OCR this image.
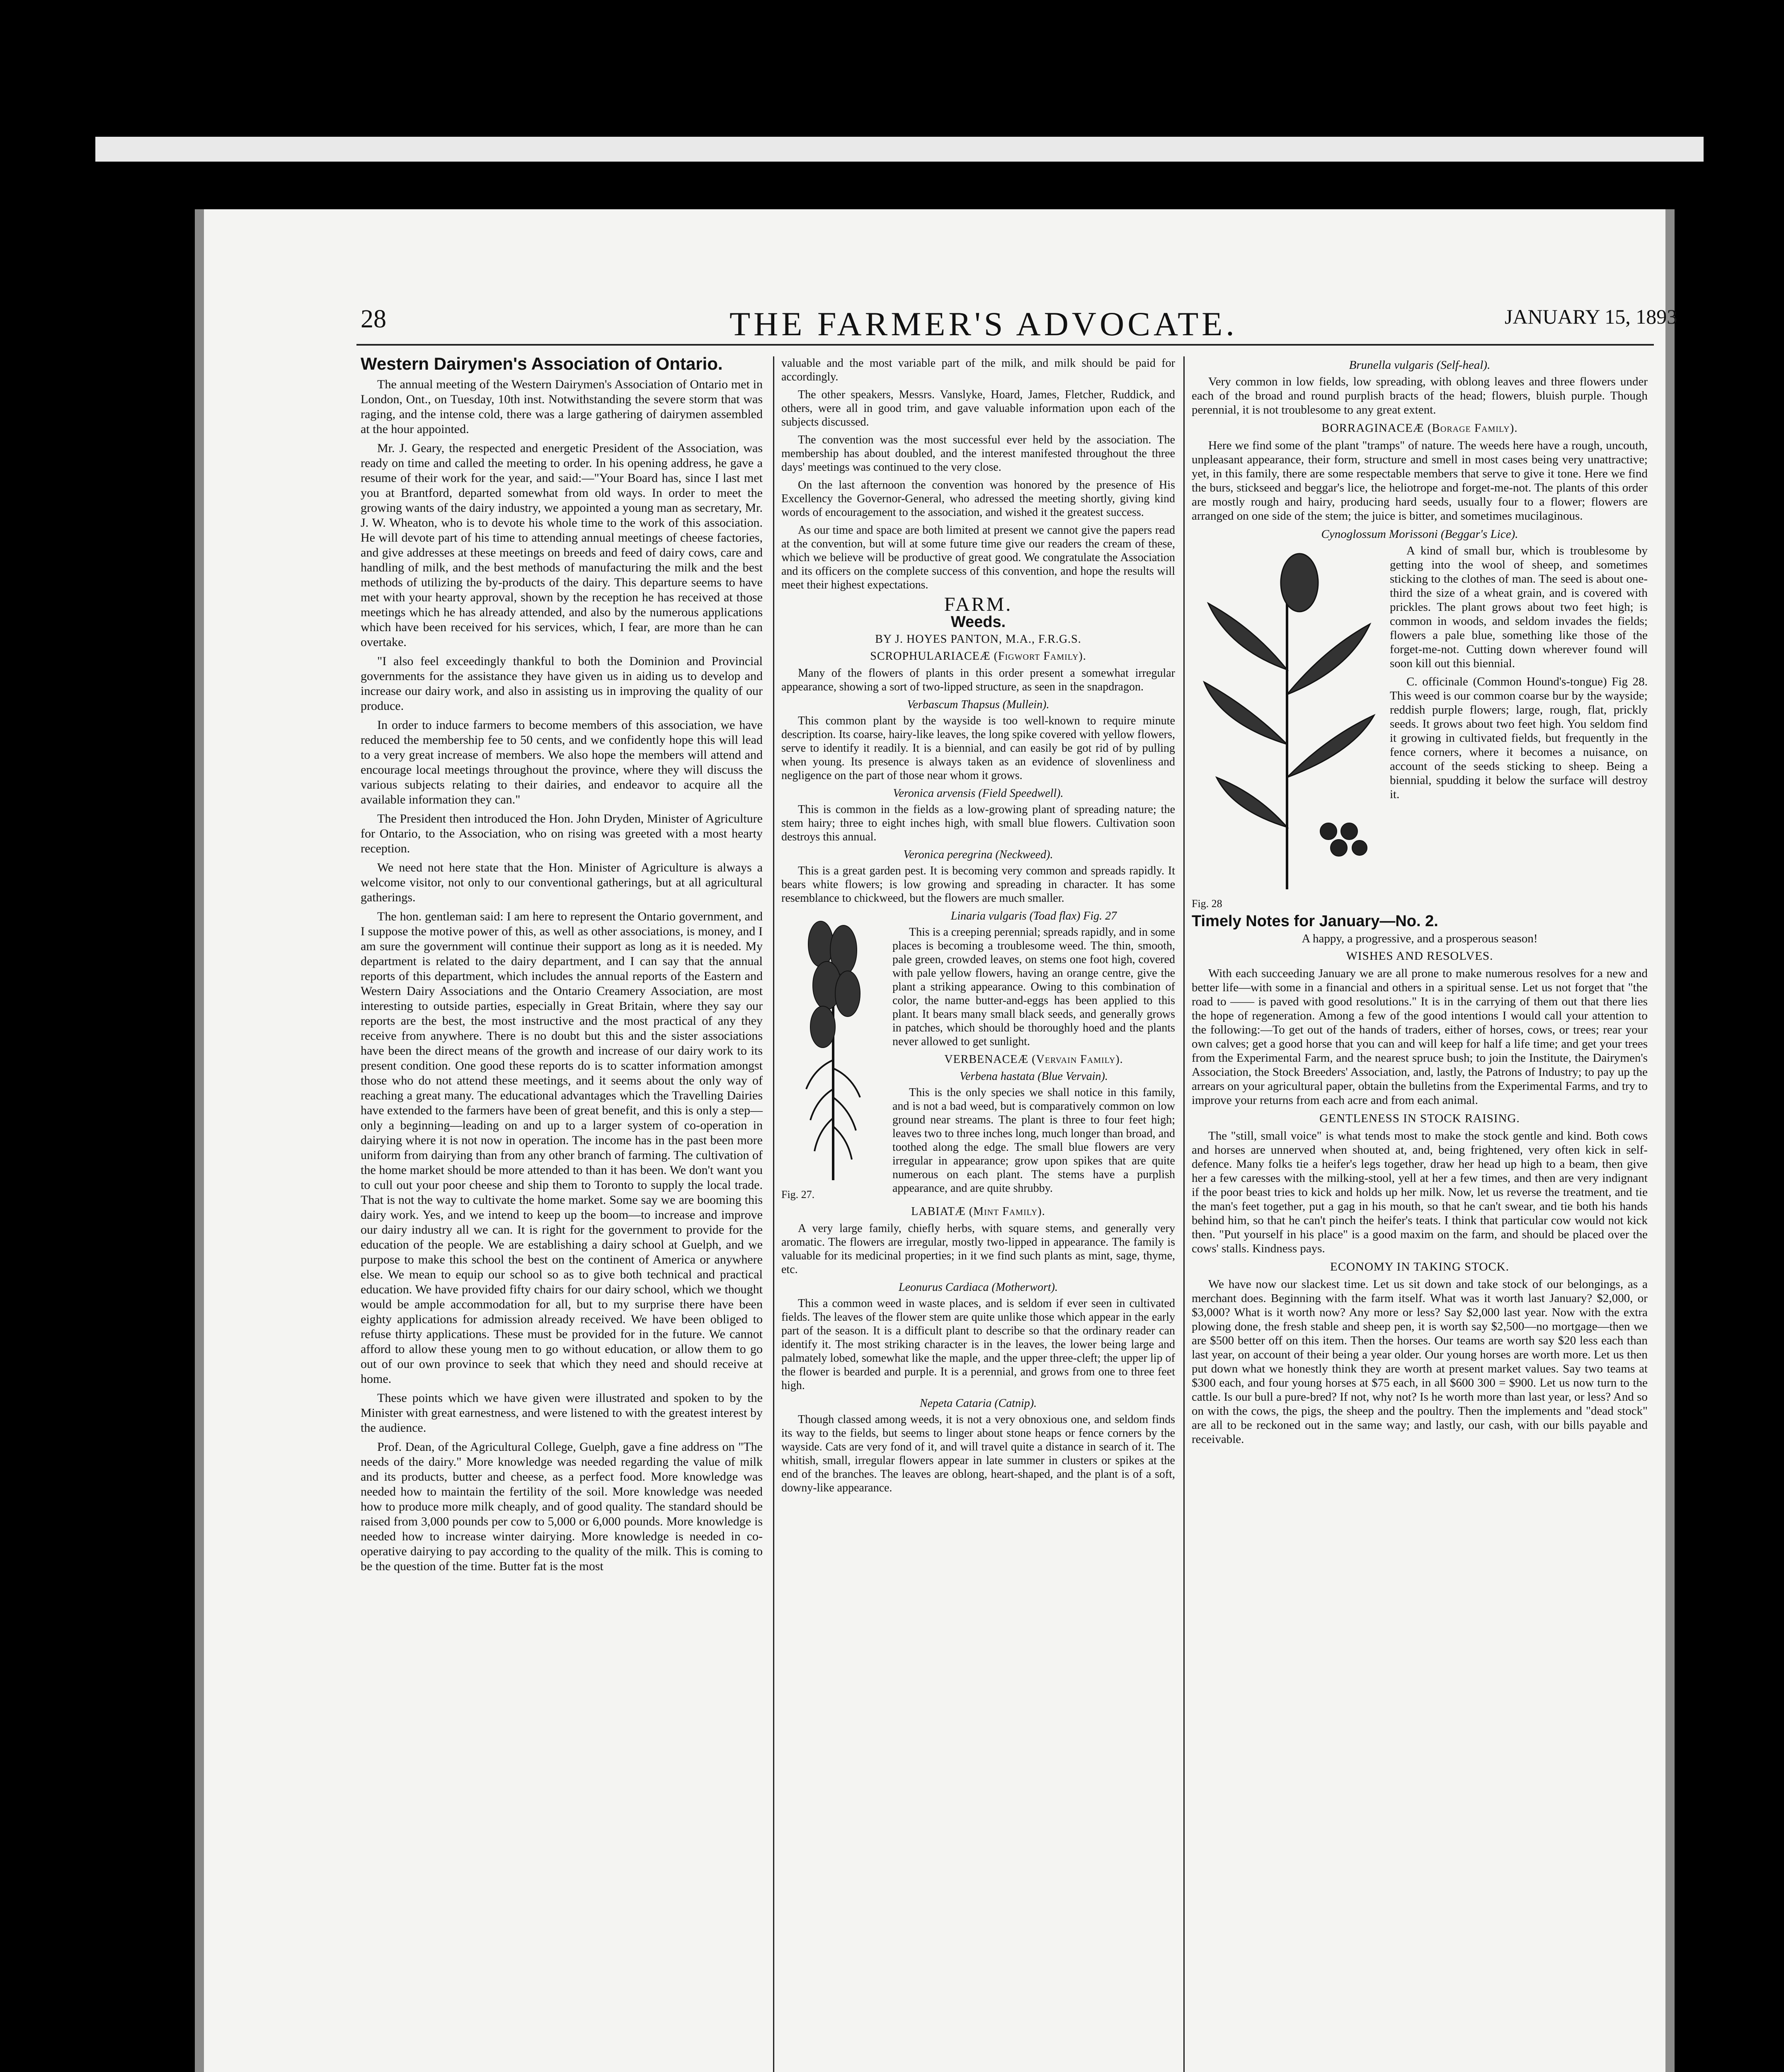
28	THE FARMER'S ADVOCATE.	JANUARY 15, 1893
Western Dairymen's Association of Ontario.

The annual meeting of the Western Dairymen's Association of Ontario met in London, Ont., on Tuesday, 10th inst. Notwithstanding the severe storm that was raging, and the intense cold, there was a large gathering of dairymen assembled at the hour appointed.

Mr. J. Geary, the respected and energetic President of the Association, was ready on time and called the meeting to order. In his opening address, he gave a resume of their work for the year, and said:—"Your Board has, since I last met you at Brantford, departed somewhat from old ways. In order to meet the growing wants of the dairy industry, we appointed a young man as secretary, Mr. J. W. Wheaton, who is to devote his whole time to the work of this association. He will devote part of his time to attending annual meetings of cheese factories, and give addresses at these meetings on breeds and feed of dairy cows, care and handling of milk, and the best methods of manufacturing the milk and the best methods of utilizing the by-products of the dairy. This departure seems to have met with your hearty approval, shown by the reception he has received at those meetings which he has already attended, and also by the numerous applications which have been received for his services, which, I fear, are more than he can overtake.

"I also feel exceedingly thankful to both the Dominion and Provincial governments for the assistance they have given us in aiding us to develop and increase our dairy work, and also in assisting us in improving the quality of our produce.

In order to induce farmers to become members of this association, we have reduced the membership fee to 50 cents, and we confidently hope this will lead to a very great increase of members. We also hope the members will attend and encourage local meetings throughout the province, where they will discuss the various subjects relating to their dairies, and endeavor to acquire all the available information they can."

The President then introduced the Hon. John Dryden, Minister of Agriculture for Ontario, to the Association, who on rising was greeted with a most hearty reception.

We need not here state that the Hon. Minister of Agriculture is always a welcome visitor, not only to our conventional gatherings, but at all agricultural gatherings.

The hon. gentleman said: I am here to represent the Ontario government, and I suppose the motive power of this, as well as other associations, is money, and I am sure the government will continue their support as long as it is needed. My department is related to the dairy department, and I can say that the annual reports of this department, which includes the annual reports of the Eastern and Western Dairy Associations and the Ontario Creamery Association, are most interesting to outside parties, especially in Great Britain, where they say our reports are the best, the most instructive and the most practical of any they receive from anywhere. There is no doubt but this and the sister associations have been the direct means of the growth and increase of our dairy work to its present condition. One good these reports do is to scatter information amongst those who do not attend these meetings, and it seems about the only way of reaching a great many. The educational advantages which the Travelling Dairies have extended to the farmers have been of great benefit, and this is only a step—only a beginning—leading on and up to a larger system of co-operation in dairying where it is not now in operation. The income has in the past been more uniform from dairying than from any other branch of farming. The cultivation of the home market should be more attended to than it has been. We don't want you to cull out your poor cheese and ship them to Toronto to supply the local trade. That is not the way to cultivate the home market. Some say we are booming this dairy work. Yes, and we intend to keep up the boom—to increase and improve our dairy industry all we can. It is right for the government to provide for the education of the people. We are establishing a dairy school at Guelph, and we purpose to make this school the best on the continent of America or anywhere else. We mean to equip our school so as to give both technical and practical education. We have provided fifty chairs for our dairy school, which we thought would be ample accommodation for all, but to my surprise there have been eighty applications for admission already received. We have been obliged to refuse thirty applications. These must be provided for in the future. We cannot afford to allow these young men to go without education, or allow them to go out of our own province to seek that which they need and should receive at home.

These points which we have given were illustrated and spoken to by the Minister with great earnestness, and were listened to with the greatest interest by the audience.

Prof. Dean, of the Agricultural College, Guelph, gave a fine address on "The needs of the dairy." More knowledge was needed regarding the value of milk and its products, butter and cheese, as a perfect food. More knowledge was needed how to maintain the fertility of the soil. More knowledge was needed how to produce more milk cheaply, and of good quality. The standard should be raised from 3,000 pounds per cow to 5,000 or 6,000 pounds. More knowledge is needed how to increase winter dairying. More knowledge is needed in co-operative dairying to pay according to the quality of the milk. This is coming to be the question of the time. Butter fat is the most

valuable and the most variable part of the milk, and milk should be paid for accordingly.

The other speakers, Messrs. Vanslyke, Hoard, James, Fletcher, Ruddick, and others, were all in good trim, and gave valuable information upon each of the subjects discussed.

The convention was the most successful ever held by the association. The membership has about doubled, and the interest manifested throughout the three days' meetings was continued to the very close.

On the last afternoon the convention was honored by the presence of His Excellency the Governor-General, who adressed the meeting shortly, giving kind words of encouragement to the association, and wished it the greatest success.

As our time and space are both limited at present we cannot give the papers read at the convention, but will at some future time give our readers the cream of these, which we believe will be productive of great good. We congratulate the Association and its officers on the complete success of this convention, and hope the results will meet their highest expectations.

FARM.
Weeds.
BY J. HOYES PANTON, M.A., F.R.G.S.
SCROPHULARIACEÆ (Figwort Family).

Many of the flowers of plants in this order present a somewhat irregular appearance, showing a sort of two-lipped structure, as seen in the snapdragon.

Verbascum Thapsus (Mullein).

This common plant by the wayside is too well-known to require minute description. Its coarse, hairy-like leaves, the long spike covered with yellow flowers, serve to identify it readily. It is a biennial, and can easily be got rid of by pulling when young. Its presence is always taken as an evidence of slovenliness and negligence on the part of those near whom it grows.

Veronica arvensis (Field Speedwell).

This is common in the fields as a low-growing plant of spreading nature; the stem hairy; three to eight inches high, with small blue flowers. Cultivation soon destroys this annual.

Veronica peregrina (Neckweed).

This is a great garden pest. It is becoming very common and spreads rapidly. It bears white flowers; is low growing and spreading in character. It has some resemblance to chickweed, but the flowers are much smaller.

Fig. 27.
Linaria vulgaris (Toad flax) Fig. 27

This is a creeping perennial; spreads rapidly, and in some places is becoming a troublesome weed. The thin, smooth, pale green, crowded leaves, on stems one foot high, covered with pale yellow flowers, having an orange centre, give the plant a striking appearance. Owing to this combination of color, the name butter-and-eggs has been applied to this plant. It bears many small black seeds, and generally grows in patches, which should be thoroughly hoed and the plants never allowed to get sunlight.

VERBENACEÆ (Vervain Family).
Verbena hastata (Blue Vervain).

This is the only species we shall notice in this family, and is not a bad weed, but is comparatively common on low ground near streams. The plant is three to four feet high; leaves two to three inches long, much longer than broad, and toothed along the edge. The small blue flowers are very irregular in appearance; grow upon spikes that are quite numerous on each plant. The stems have a purplish appearance, and are quite shrubby.

LABIATÆ (Mint Family).

A very large family, chiefly herbs, with square stems, and generally very aromatic. The flowers are irregular, mostly two-lipped in appearance. The family is valuable for its medicinal properties; in it we find such plants as mint, sage, thyme, etc.

Leonurus Cardiaca (Motherwort).

This a common weed in waste places, and is seldom if ever seen in cultivated fields. The leaves of the flower stem are quite unlike those which appear in the early part of the season. It is a difficult plant to describe so that the ordinary reader can identify it. The most striking character is in the leaves, the lower being large and palmately lobed, somewhat like the maple, and the upper three-cleft; the upper lip of the flower is bearded and purple. It is a perennial, and grows from one to three feet high.

Nepeta Cataria (Catnip).

Though classed among weeds, it is not a very obnoxious one, and seldom finds its way to the fields, but seems to linger about stone heaps or fence corners by the wayside. Cats are very fond of it, and will travel quite a distance in search of it. The whitish, small, irregular flowers appear in late summer in clusters or spikes at the end of the branches. The leaves are oblong, heart-shaped, and the plant is of a soft, downy-like appearance.

Brunella vulgaris (Self-heal).

Very common in low fields, low spreading, with oblong leaves and three flowers under each of the broad and round purplish bracts of the head; flowers, bluish purple. Though perennial, it is not troublesome to any great extent.

BORRAGINACEÆ (Borage Family).

Here we find some of the plant "tramps" of nature. The weeds here have a rough, uncouth, unpleasant appearance, their form, structure and smell in most cases being very unattractive; yet, in this family, there are some respectable members that serve to give it tone. Here we find the burs, stickseed and beggar's lice, the heliotrope and forget-me-not. The plants of this order are mostly rough and hairy, producing hard seeds, usually four to a flower; flowers are arranged on one side of the stem; the juice is bitter, and sometimes mucilaginous.

Cynoglossum Morissoni (Beggar's Lice).
Fig. 28

A kind of small bur, which is troublesome by getting into the wool of sheep, and sometimes sticking to the clothes of man. The seed is about one-third the size of a wheat grain, and is covered with prickles. The plant grows about two feet high; is common in woods, and seldom invades the fields; flowers a pale blue, something like those of the forget-me-not. Cutting down wherever found will soon kill out this biennial.

C. officinale (Common Hound's-tongue) Fig 28. This weed is our common coarse bur by the wayside; reddish purple flowers; large, rough, flat, prickly seeds. It grows about two feet high. You seldom find it growing in cultivated fields, but frequently in the fence corners, where it becomes a nuisance, on account of the seeds sticking to sheep. Being a biennial, spudding it below the surface will destroy it.

Timely Notes for January—No. 2.
A happy, a progressive, and a prosperous season!
WISHES AND RESOLVES.

With each succeeding January we are all prone to make numerous resolves for a new and better life—with some in a financial and others in a spiritual sense. Let us not forget that "the road to —— is paved with good resolutions." It is in the carrying of them out that there lies the hope of regeneration. Among a few of the good intentions I would call your attention to the following:—To get out of the hands of traders, either of horses, cows, or trees; rear your own calves; get a good horse that you can and will keep for half a life time; and get your trees from the Experimental Farm, and the nearest spruce bush; to join the Institute, the Dairymen's Association, the Stock Breeders' Association, and, lastly, the Patrons of Industry; to pay up the arrears on your agricultural paper, obtain the bulletins from the Experimental Farms, and try to improve your returns from each acre and from each animal.

GENTLENESS IN STOCK RAISING.

The "still, small voice" is what tends most to make the stock gentle and kind. Both cows and horses are unnerved when shouted at, and, being frightened, very often kick in self-defence. Many folks tie a heifer's legs together, draw her head up high to a beam, then give her a few caresses with the milking-stool, yell at her a few times, and then are very indignant if the poor beast tries to kick and holds up her milk. Now, let us reverse the treatment, and tie the man's feet together, put a gag in his mouth, so that he can't swear, and tie both his hands behind him, so that he can't pinch the heifer's teats. I think that particular cow would not kick then. "Put yourself in his place" is a good maxim on the farm, and should be placed over the cows' stalls. Kindness pays.

ECONOMY IN TAKING STOCK.

We have now our slackest time. Let us sit down and take stock of our belongings, as a merchant does. Beginning with the farm itself. What was it worth last January? $2,000, or $3,000? What is it worth now? Any more or less? Say $2,000 last year. Now with the extra plowing done, the fresh stable and sheep pen, it is worth say $2,500—no mortgage—then we are $500 better off on this item. Then the horses. Our teams are worth say $20 less each than last year, on account of their being a year older. Our young horses are worth more. Let us then put down what we honestly think they are worth at present market values. Say two teams at $300 each, and four young horses at $75 each, in all $600 300 = $900. Let us now turn to the cattle. Is our bull a pure-bred? If not, why not? Is he worth more than last year, or less? And so on with the cows, the pigs, the sheep and the poultry. Then the implements and "dead stock" are all to be reckoned out in the same way; and lastly, our cash, with our bills payable and receivable.
